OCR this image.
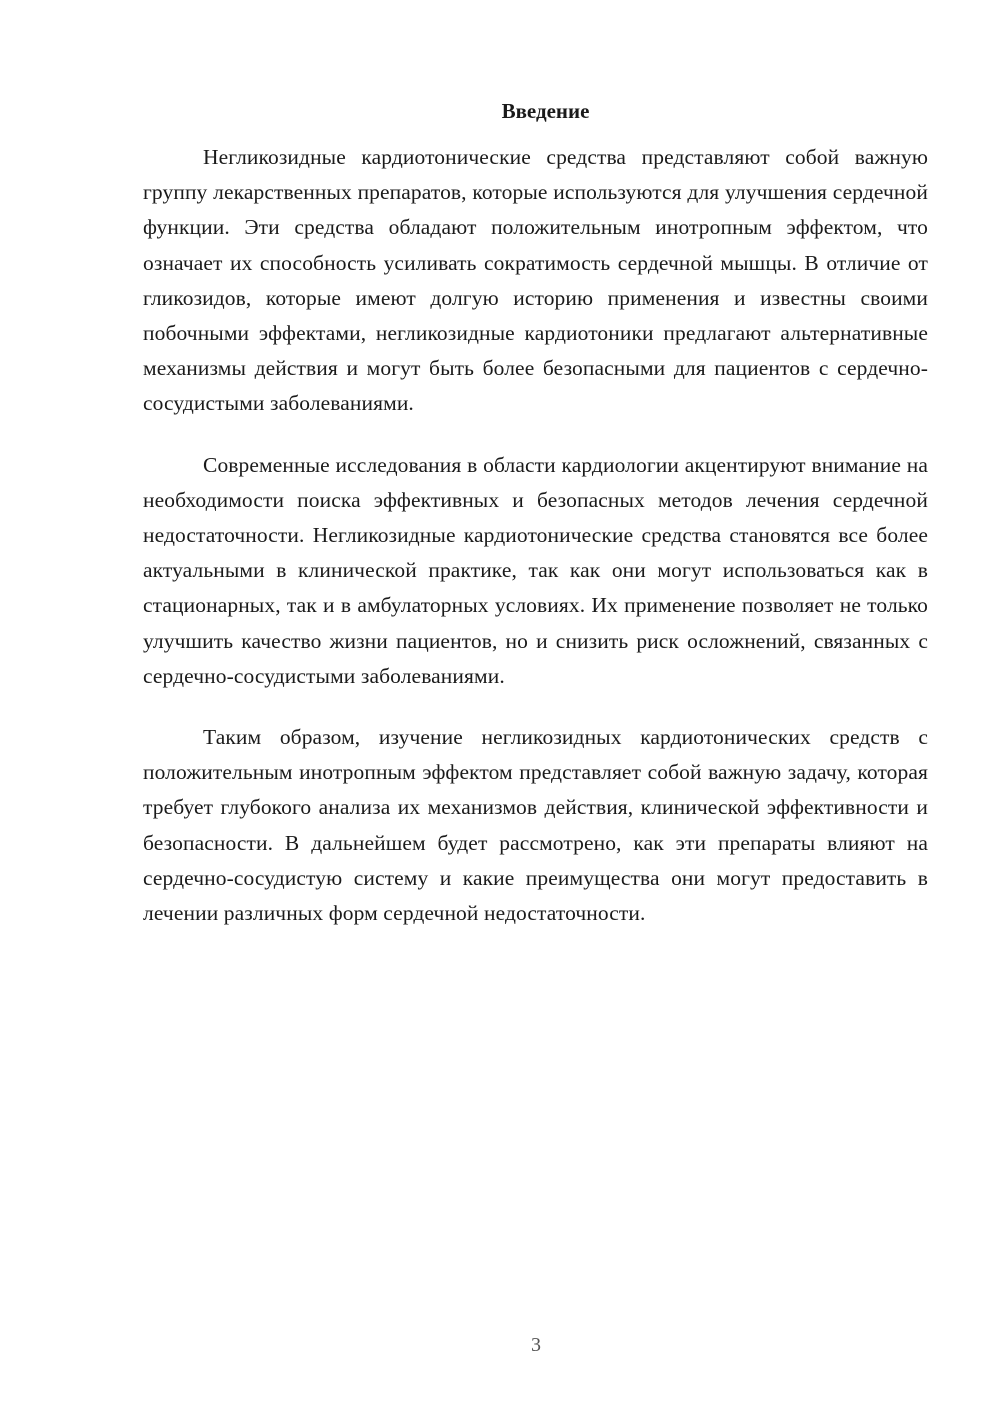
Введение

Негликозидные кардиотонические средства представляют собой важную группу лекарственных препаратов, которые используются для улучшения сердечной функции. Эти средства обладают положительным инотропным эффектом, что означает их способность усиливать сократимость сердечной мышцы. В отличие от гликозидов, которые имеют долгую историю применения и известны своими побочными эффектами, негликозидные кардиотоники предлагают альтернативные механизмы действия и могут быть более безопасными для пациентов с сердечно-сосудистыми заболеваниями.

Современные исследования в области кардиологии акцентируют внимание на необходимости поиска эффективных и безопасных методов лечения сердечной недостаточности. Негликозидные кардиотонические средства становятся все более актуальными в клинической практике, так как они могут использоваться как в стационарных, так и в амбулаторных условиях. Их применение позволяет не только улучшить качество жизни пациентов, но и снизить риск осложнений, связанных с сердечно-сосудистыми заболеваниями.

Таким образом, изучение негликозидных кардиотонических средств с положительным инотропным эффектом представляет собой важную задачу, которая требует глубокого анализа их механизмов действия, клинической эффективности и безопасности. В дальнейшем будет рассмотрено, как эти препараты влияют на сердечно-сосудистую систему и какие преимущества они могут предоставить в лечении различных форм сердечной недостаточности.

3
